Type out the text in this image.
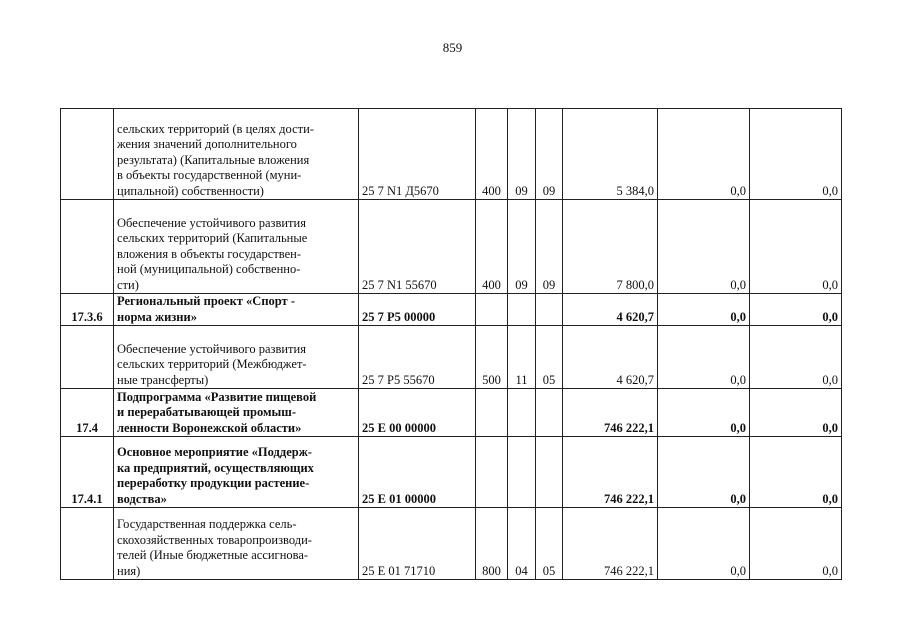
859

	сельских территорий (в целях дости-
жения значений дополнительного
результата) (Капитальные вложения
в объекты государственной (муни-
ципальной) собственности)	25 7 N1 Д5670	400	09	09	5 384,0	0,0	0,0

	Обеспечение устойчивого развития
сельских территорий (Капитальные
вложения в объекты государствен-
ной (муниципальной) собственно-
сти)	25 7 N1 55670	400	09	09	7 800,0	0,0	0,0
17.3.6	Региональный проект «Спорт -
норма жизни»	25 7 P5 00000				4 620,7	0,0	0,0

	Обеспечение устойчивого развития
сельских территорий (Межбюджет-
ные трансферты)	25 7 P5 55670	500	11	05	4 620,7	0,0	0,0
17.4	Подпрограмма «Развитие пищевой
и перерабатывающей промыш-
ленности Воронежской области»	25 Е 00 00000				746 222,1	0,0	0,0
17.4.1	Основное мероприятие «Поддерж-
ка предприятий, осуществляющих
переработку продукции растение-
водства»	25 Е 01 00000				746 222,1	0,0	0,0

	Государственная поддержка сель-
скохозяйственных товаропроизводи-
телей (Иные бюджетные ассигнова-
ния)	25 Е 01 71710	800	04	05	746 222,1	0,0	0,0
